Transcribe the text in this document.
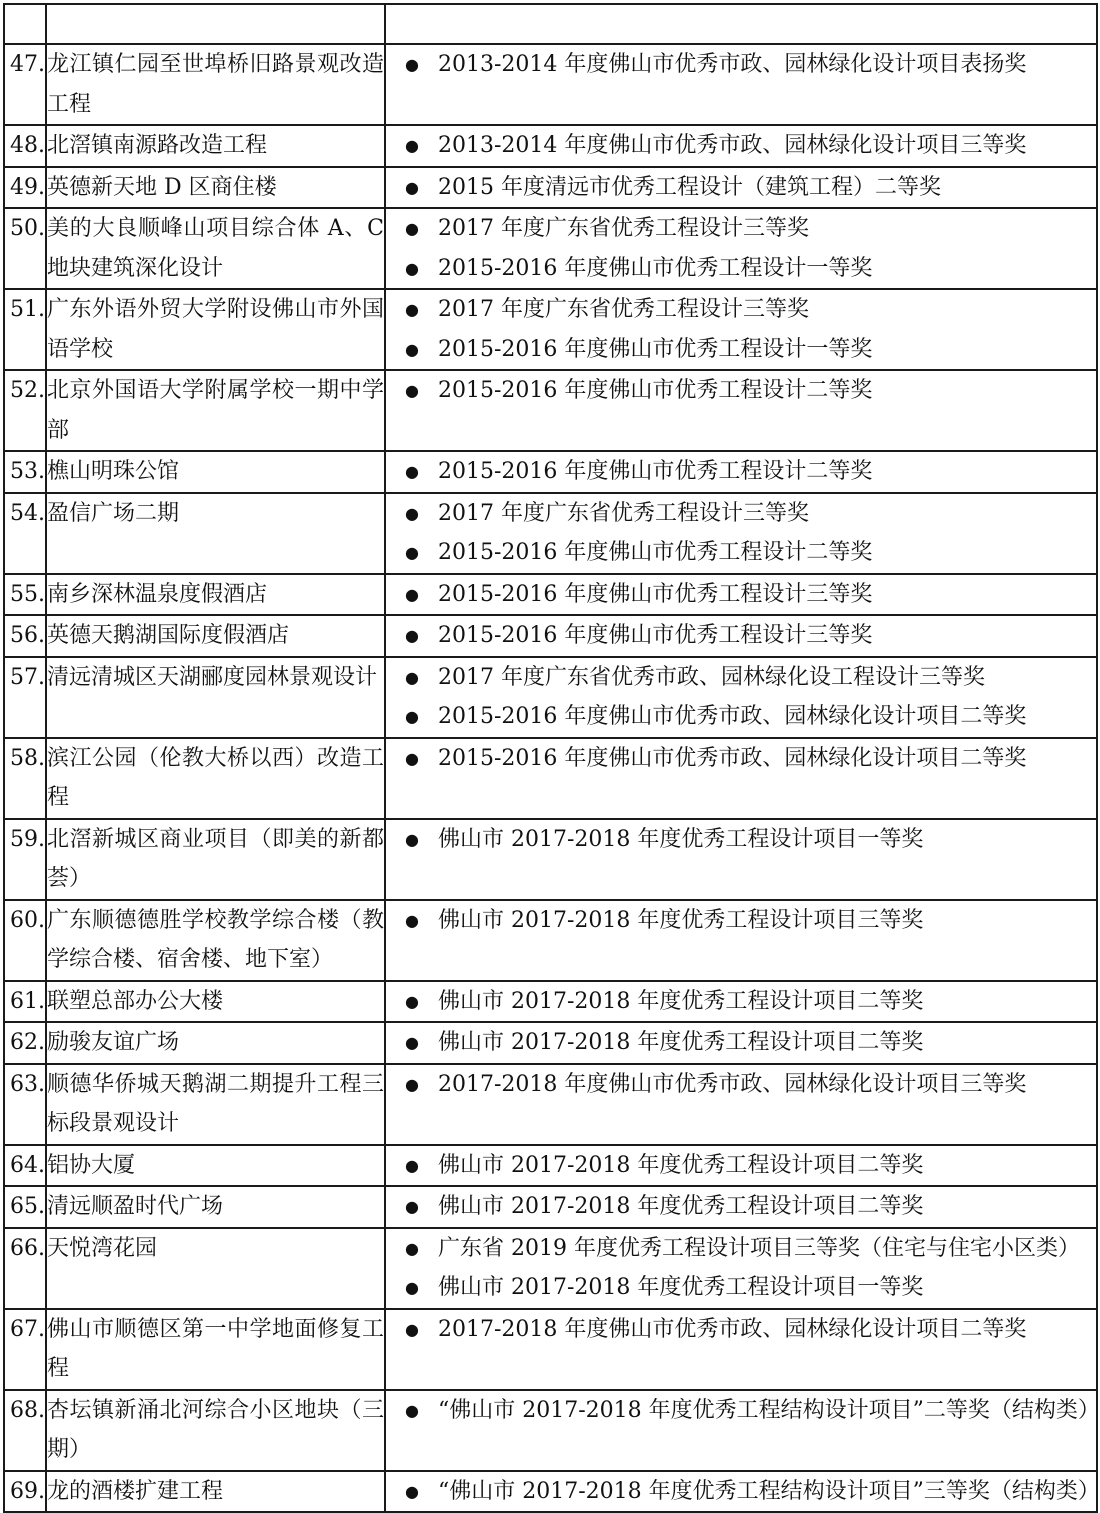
47.	龙江镇仁园至世埠桥旧路景观改造工程	● 2013-2014 年度佛山市优秀市政、园林绿化设计项目表扬奖

48.	北滘镇南源路改造工程	● 2013-2014 年度佛山市优秀市政、园林绿化设计项目三等奖

49.	英德新天地 D 区商住楼	● 2015 年度清远市优秀工程设计（建筑工程）二等奖

50.	美的大良顺峰山项目综合体 A、C 地块建筑深化设计	● 2017 年度广东省优秀工程设计三等奖
● 2015-2016 年度佛山市优秀工程设计一等奖

51.	广东外语外贸大学附设佛山市外国语学校	● 2017 年度广东省优秀工程设计三等奖
● 2015-2016 年度佛山市优秀工程设计一等奖

52.	北京外国语大学附属学校一期中学部	● 2015-2016 年度佛山市优秀工程设计二等奖

53.	樵山明珠公馆	● 2015-2016 年度佛山市优秀工程设计二等奖

54.	盈信广场二期	● 2017 年度广东省优秀工程设计三等奖
● 2015-2016 年度佛山市优秀工程设计二等奖

55.	南乡深林温泉度假酒店	● 2015-2016 年度佛山市优秀工程设计三等奖

56.	英德天鹅湖国际度假酒店	● 2015-2016 年度佛山市优秀工程设计三等奖

57.	清远清城区天湖郦度园林景观设计	● 2017 年度广东省优秀市政、园林绿化设工程设计三等奖
● 2015-2016 年度佛山市优秀市政、园林绿化设计项目二等奖

58.	滨江公园（伦教大桥以西）改造工程	● 2015-2016 年度佛山市优秀市政、园林绿化设计项目二等奖

59.	北滘新城区商业项目（即美的新都荟）	● 佛山市 2017-2018 年度优秀工程设计项目一等奖

60.	广东顺德德胜学校教学综合楼（教学综合楼、宿舍楼、地下室）	● 佛山市 2017-2018 年度优秀工程设计项目三等奖

61.	联塑总部办公大楼	● 佛山市 2017-2018 年度优秀工程设计项目二等奖

62.	励骏友谊广场	● 佛山市 2017-2018 年度优秀工程设计项目二等奖

63.	顺德华侨城天鹅湖二期提升工程三标段景观设计	● 2017-2018 年度佛山市优秀市政、园林绿化设计项目三等奖

64.	铝协大厦	● 佛山市 2017-2018 年度优秀工程设计项目二等奖

65.	清远顺盈时代广场	● 佛山市 2017-2018 年度优秀工程设计项目二等奖

66.	天悦湾花园	● 广东省 2019 年度优秀工程设计项目三等奖（住宅与住宅小区类）
● 佛山市 2017-2018 年度优秀工程设计项目一等奖

67.	佛山市顺德区第一中学地面修复工程	● 2017-2018 年度佛山市优秀市政、园林绿化设计项目二等奖

68.	杏坛镇新涌北河综合小区地块（三期）	● “佛山市 2017-2018 年度优秀工程结构设计项目”二等奖（结构类）

69.	龙的酒楼扩建工程	● “佛山市 2017-2018 年度优秀工程结构设计项目”三等奖（结构类）
